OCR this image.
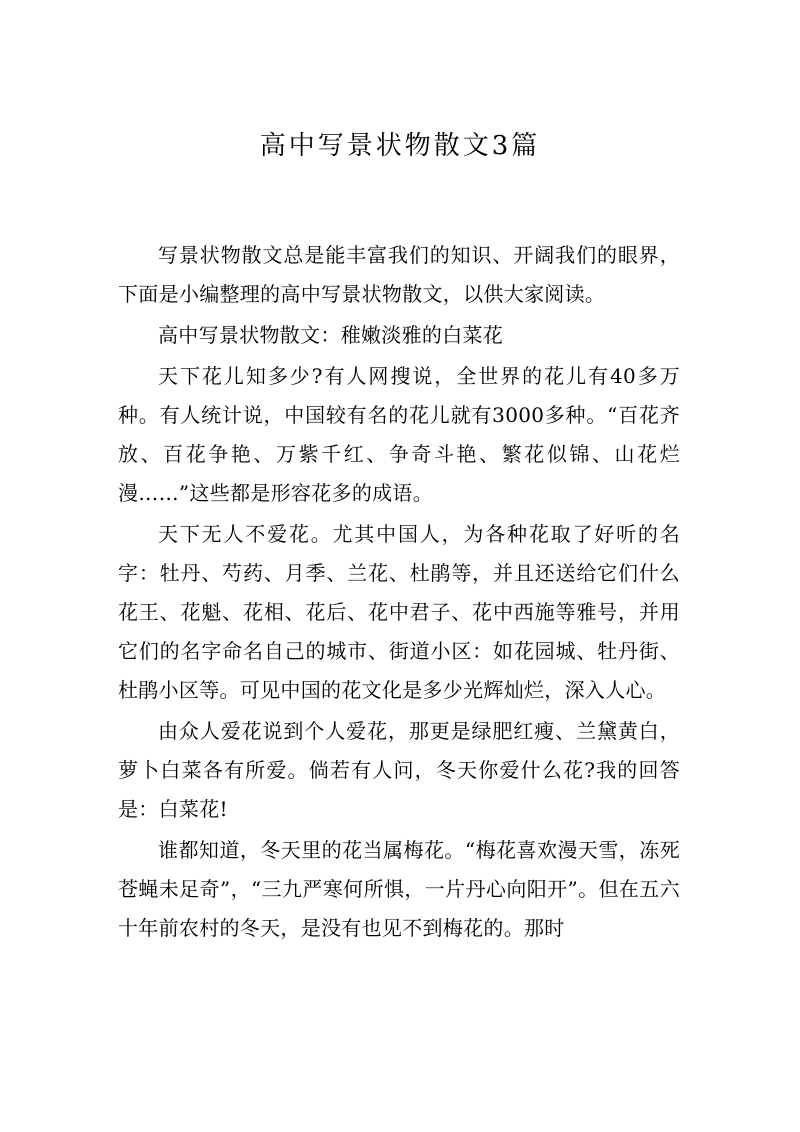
高中写景状物散文3篇

写景状物散文总是能丰富我们的知识、开阔我们的眼界，下面是小编整理的高中写景状物散文，以供大家阅读。

高中写景状物散文：稚嫩淡雅的白菜花

天下花儿知多少?有人网搜说，全世界的花儿有40多万种。有人统计说，中国较有名的花儿就有3000多种。“百花齐放、百花争艳、万紫千红、争奇斗艳、繁花似锦、山花烂漫……”这些都是形容花多的成语。

天下无人不爱花。尤其中国人，为各种花取了好听的名字：牡丹、芍药、月季、兰花、杜鹃等，并且还送给它们什么花王、花魁、花相、花后、花中君子、花中西施等雅号，并用它们的名字命名自己的城市、街道小区：如花园城、牡丹街、杜鹃小区等。可见中国的花文化是多少光辉灿烂，深入人心。

由众人爱花说到个人爱花，那更是绿肥红瘦、兰黛黄白，萝卜白菜各有所爱。倘若有人问，冬天你爱什么花?我的回答是：白菜花!

谁都知道，冬天里的花当属梅花。“梅花喜欢漫天雪，冻死苍蝇未足奇”，“三九严寒何所惧，一片丹心向阳开”。但在五六十年前农村的冬天，是没有也见不到梅花的。那时
